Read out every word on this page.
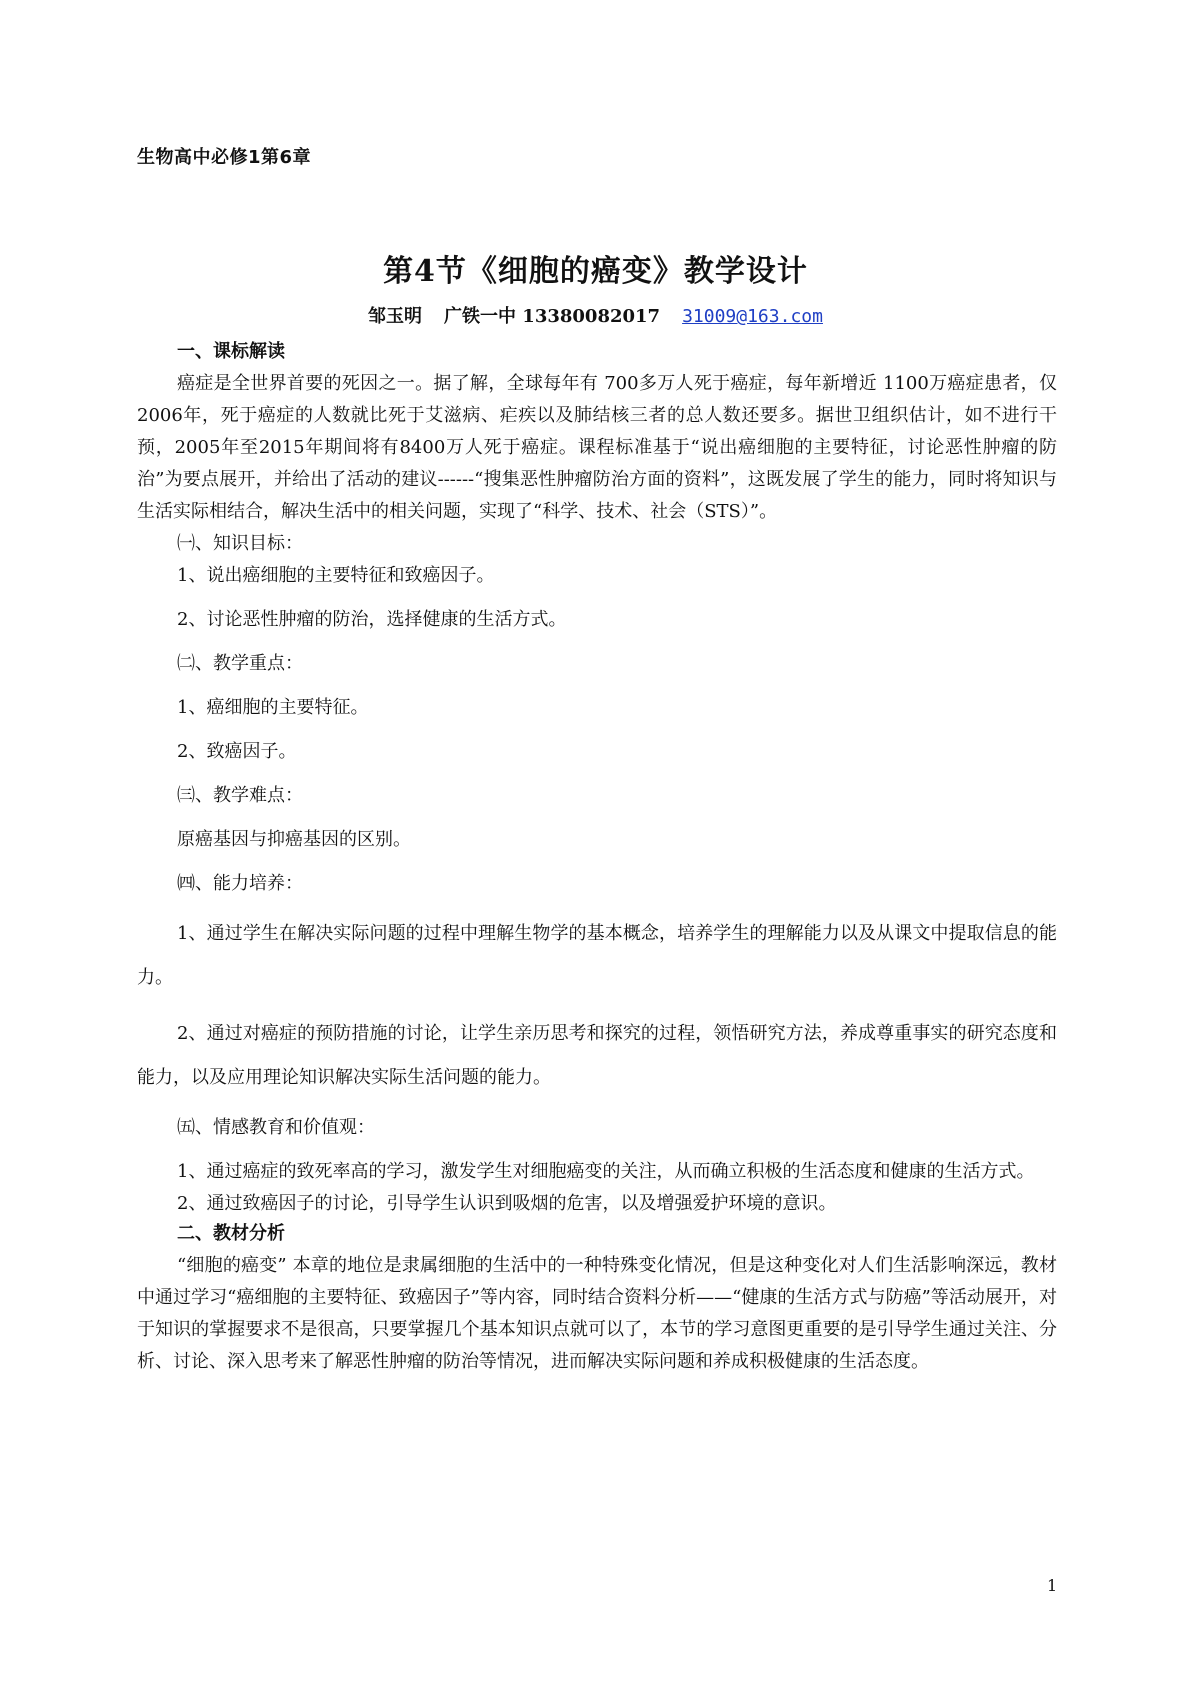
生物高中必修1第6章
第4节《细胞的癌变》教学设计
邹玉明 广铁一中 13380082017 31009@163.com
一、课标解读
癌症是全世界首要的死因之一。据了解，全球每年有 700多万人死于癌症，每年新增近 1100万癌症患者，仅2006年，死于癌症的人数就比死于艾滋病、疟疾以及肺结核三者的总人数还要多。据世卫组织估计，如不进行干预，2005年至2015年期间将有8400万人死于癌症。课程标准基于“说出癌细胞的主要特征，讨论恶性肿瘤的防治”为要点展开，并给出了活动的建议------“搜集恶性肿瘤防治方面的资料”，这既发展了学生的能力，同时将知识与生活实际相结合，解决生活中的相关问题，实现了“科学、技术、社会（STS）”。
㈠、知识目标：
1、说出癌细胞的主要特征和致癌因子。
2、讨论恶性肿瘤的防治，选择健康的生活方式。
㈡、教学重点：
1、癌细胞的主要特征。
2、致癌因子。
㈢、教学难点：
原癌基因与抑癌基因的区别。
㈣、能力培养：
1、通过学生在解决实际问题的过程中理解生物学的基本概念，培养学生的理解能力以及从课文中提取信息的能力。
2、通过对癌症的预防措施的讨论，让学生亲历思考和探究的过程，领悟研究方法，养成尊重事实的研究态度和能力，以及应用理论知识解决实际生活问题的能力。
㈤、情感教育和价值观：
1、通过癌症的致死率高的学习，激发学生对细胞癌变的关注，从而确立积极的生活态度和健康的生活方式。
2、通过致癌因子的讨论，引导学生认识到吸烟的危害，以及增强爱护环境的意识。
二、教材分析
“细胞的癌变” 本章的地位是隶属细胞的生活中的一种特殊变化情况，但是这种变化对人们生活影响深远，教材中通过学习“癌细胞的主要特征、致癌因子”等内容，同时结合资料分析——“健康的生活方式与防癌”等活动展开，对于知识的掌握要求不是很高，只要掌握几个基本知识点就可以了，本节的学习意图更重要的是引导学生通过关注、分析、讨论、深入思考来了解恶性肿瘤的防治等情况，进而解决实际问题和养成积极健康的生活态度。
1
